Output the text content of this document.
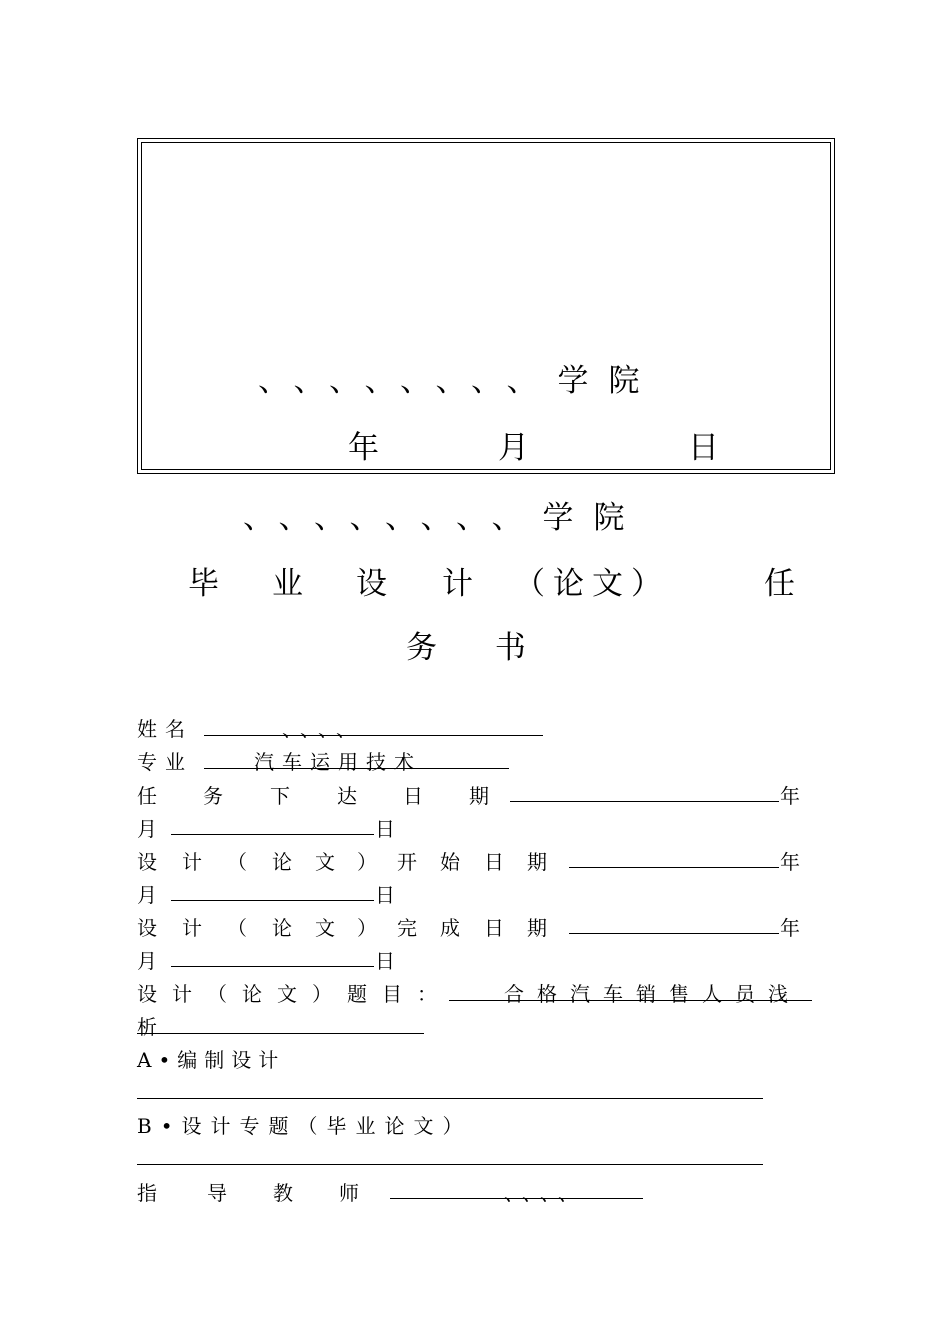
、、、、、、、、学院
年	月	日
、、、、、、、、学院
毕 业 设 计 （论文）	任
务 书
姓名	、、、、
专业	汽车运用技术
任 务 下 达 日 期	年
月	日
设 计 （ 论 文 ） 开 始 日 期	年
月	日
设 计 （ 论 文 ） 完 成 日 期	年
月	日
设计（论文）题目：	合格汽车销售人员浅
析
A•编制设计
B•设计专题（毕业论文）
指	导 教 师	、、、、
